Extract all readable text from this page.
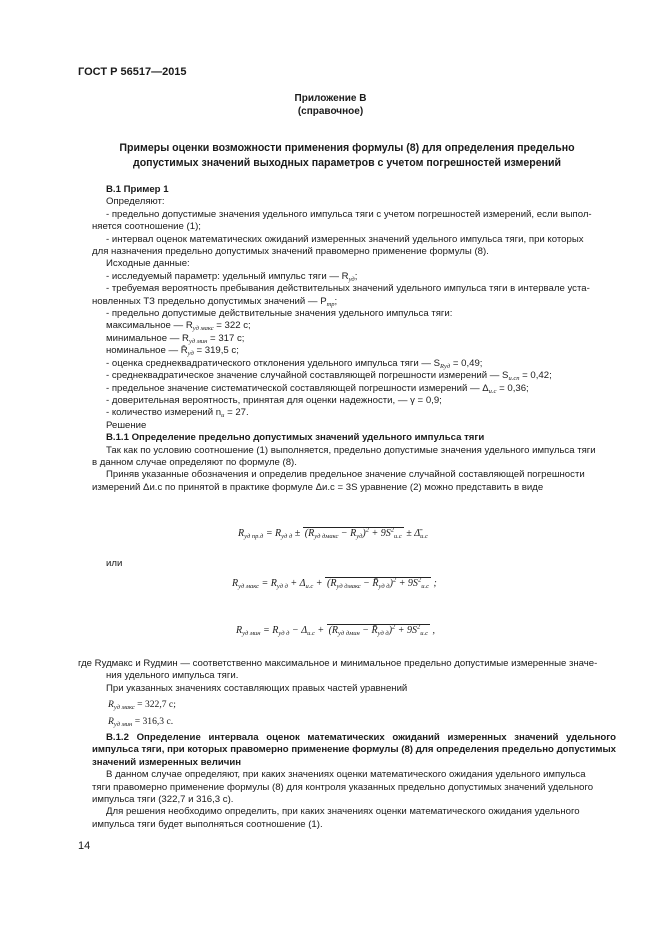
ГОСТ Р 56517—2015
Приложение В
(справочное)
Примеры оценки возможности применения формулы (8) для определения предельно
допустимых значений выходных параметров с учетом погрешностей измерений

В.1 Пример 1

Определяют:

- предельно допустимые значения удельного импульса тяги с учетом погрешностей измерений, если выпол-

няется соотношение (1);

- интервал оценок математических ожиданий измеренных значений удельного импульса тяги, при которых

для назначения предельно допустимых значений правомерно применение формулы (8).

Исходные данные:

- исследуемый параметр: удельный импульс тяги — $R_{уд}$;

- требуемая вероятность пребывания действительных значений удельного импульса тяги в интервале уста-

новленных ТЗ предельно допустимых значений — $P_{тр}$;

- предельно допустимые действительные значения удельного импульса тяги:

максимальное — $R_{уд макс} = 322$ с;

минимальное — $R_{уд мин} = 317$ с;

номинальное — $R̄_{уд} = 319,5$ с;

- оценка среднеквадратического отклонения удельного импульса тяги — $S_{Rуд} = 0,49$;

- среднеквадратическое значение случайной составляющей погрешности измерений — $S_{и.сп} = 0,42$;

- предельное значение систематической составляющей погрешности измерений — $\Delta_{и.с} = 0,36$;

- доверительная вероятность, принятая для оценки надежности, — γ = 0,9;

- количество измерений $n_и = 27$.

Решение

В.1.1 Определение предельно допустимых значений удельного импульса тяги

Так как по условию соотношение (1) выполняется, предельно допустимые значения удельного импульса тяги

в данном случае определяют по формуле (8).

Приняв указанные обозначения и определив предельное значение случайной составляющей погрешности

измерений Δи.с по принятой в практике формуле Δи.с = 3S уравнение (2) можно представить в виде

$R_{уд пр.д} = R_{уд д} \pm (R_{уд дмакс} - R_{уд})^2 + 9S^2_{и.с}$ ± $\Deltā_{и.с}$

или

$R_{уд макс} = R_{уд д} + \Delta_{и.с} + (R_{уд дмакс}$ − $R̄_{уд д})^2 + 9S^2_{и.с}$ ;
$R_{уд мин} = R_{уд д} - \Delta_{и.с} + (R_{уд дмин}$ − $R̄_{уд д})^2 + 9S^2_{и.с}$ ,

где Rудмакс и Rудмин — соответственно максимальное и минимальное предельно допустимые измеренные значе-

ния удельного импульса тяги.

При указанных значениях составляющих правых частей уравнений

$R_{уд макс} = 322,7$ с;

$R_{уд мин} = 316,3$ с.

В.1.2 Определение интервала оценок математических ожиданий измеренных значений удельного импульса тяги, при которых правомерно применение формулы (8) для определения предельно допустимых значений измеренных величин

В данном случае определяют, при каких значениях оценки математического ожидания удельного импульса

тяги правомерно применение формулы (8) для контроля указанных предельно допустимых значений удельного

импульса тяги (322,7 и 316,3 с).

Для решения необходимо определить, при каких значениях оценки математического ожидания удельного

импульса тяги будет выполняться соотношение (1).

14
